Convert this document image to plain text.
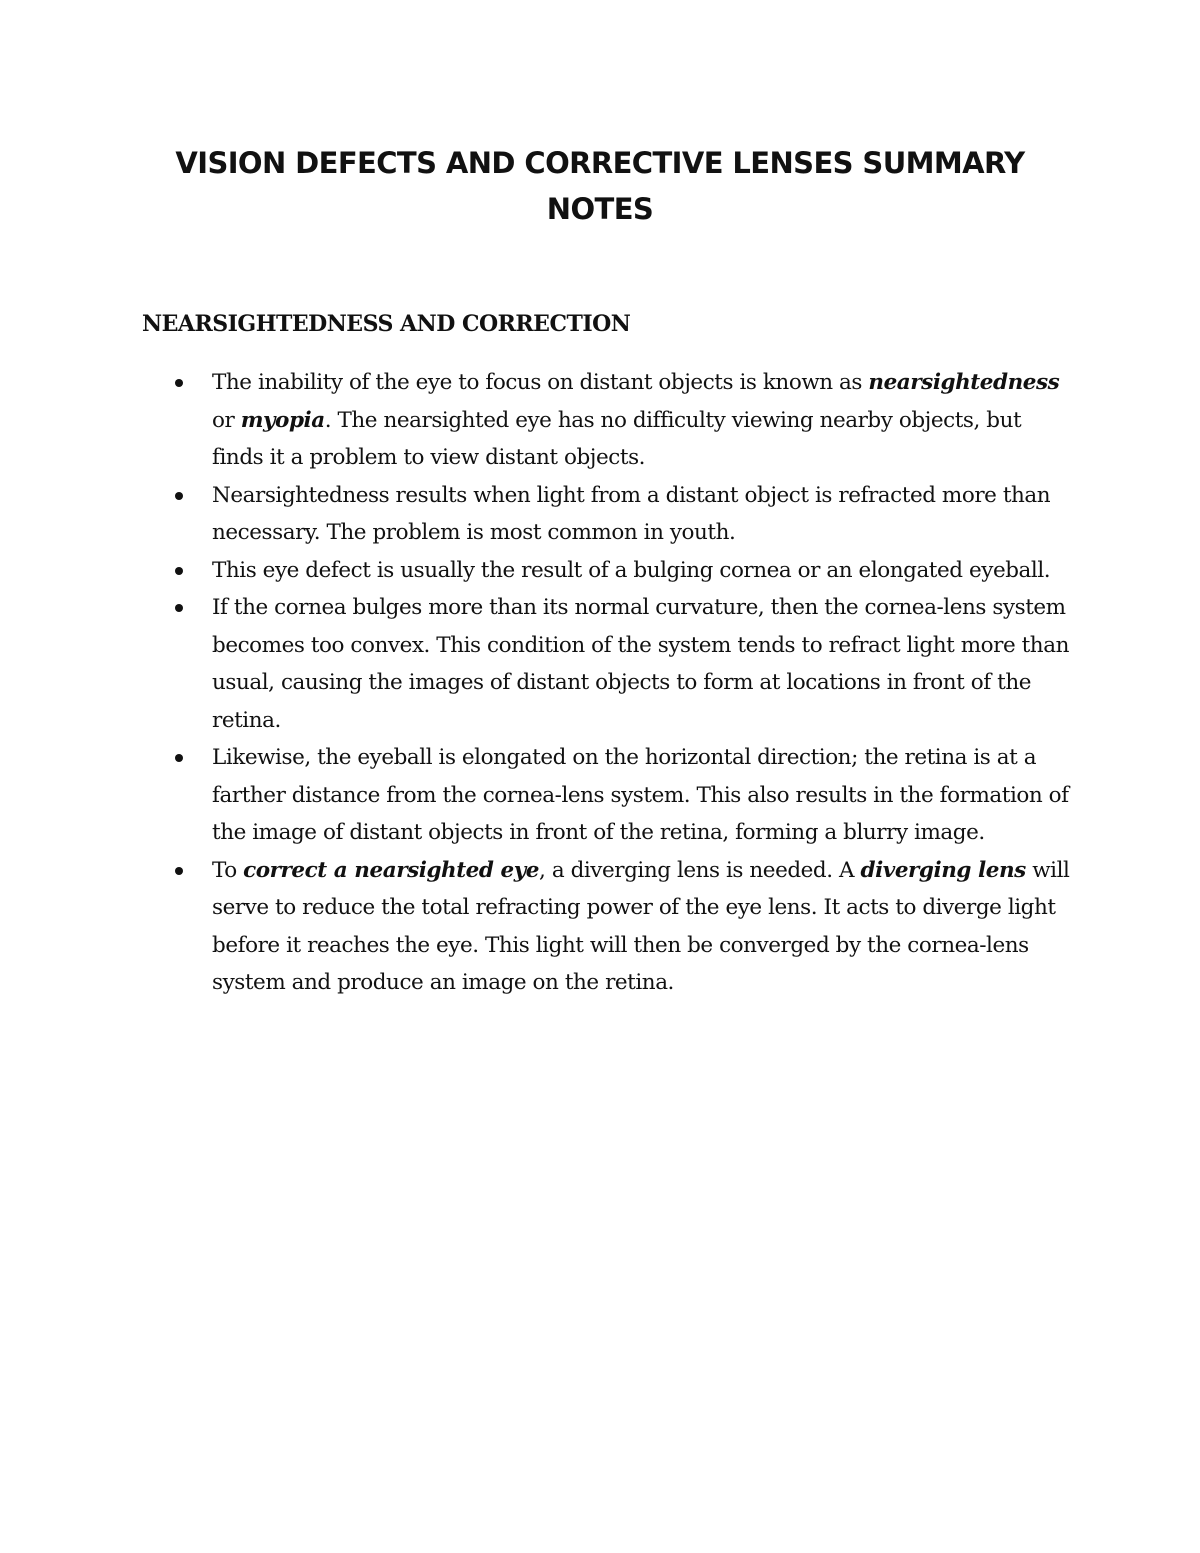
VISION DEFECTS AND CORRECTIVE LENSES SUMMARY NOTES
NEARSIGHTEDNESS AND CORRECTION
The inability of the eye to focus on distant objects is known as nearsightedness or myopia. The nearsighted eye has no difficulty viewing nearby objects, but finds it a problem to view distant objects.
Nearsightedness results when light from a distant object is refracted more than necessary. The problem is most common in youth.
This eye defect is usually the result of a bulging cornea or an elongated eyeball.
If the cornea bulges more than its normal curvature, then the cornea-lens system becomes too convex. This condition of the system tends to refract light more than usual, causing the images of distant objects to form at locations in front of the retina.
Likewise, the eyeball is elongated on the horizontal direction; the retina is at a farther distance from the cornea-lens system. This also results in the formation of the image of distant objects in front of the retina, forming a blurry image.
To correct a nearsighted eye, a diverging lens is needed. A diverging lens will serve to reduce the total refracting power of the eye lens. It acts to diverge light before it reaches the eye. This light will then be converged by the cornea-lens system and produce an image on the retina.
